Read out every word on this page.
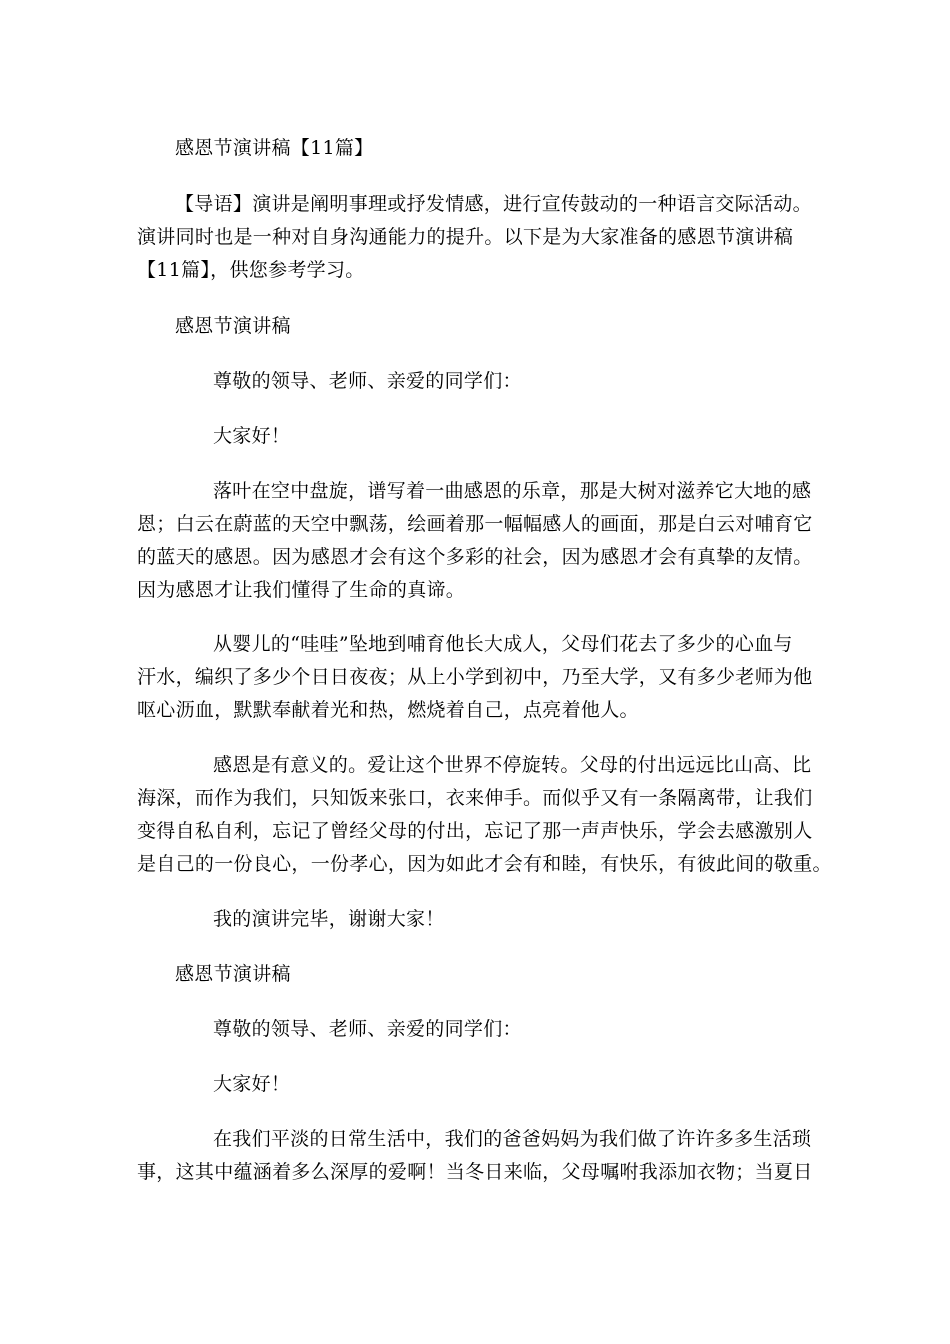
感恩节演讲稿【11篇】
【导语】演讲是阐明事理或抒发情感，进行宣传鼓动的一种语言交际活动。
演讲同时也是一种对自身沟通能力的提升。以下是为大家准备的感恩节演讲稿
【11篇】，供您参考学习。
感恩节演讲稿
尊敬的领导、老师、亲爱的同学们：
大家好！
落叶在空中盘旋，谱写着一曲感恩的乐章，那是大树对滋养它大地的感
恩；白云在蔚蓝的天空中飘荡，绘画着那一幅幅感人的画面，那是白云对哺育它
的蓝天的感恩。因为感恩才会有这个多彩的社会，因为感恩才会有真挚的友情。
因为感恩才让我们懂得了生命的真谛。
从婴儿的“哇哇”坠地到哺育他长大成人，父母们花去了多少的心血与
汗水，编织了多少个日日夜夜；从上小学到初中，乃至大学，又有多少老师为他
呕心沥血，默默奉献着光和热，燃烧着自己，点亮着他人。
感恩是有意义的。爱让这个世界不停旋转。父母的付出远远比山高、比
海深，而作为我们，只知饭来张口，衣来伸手。而似乎又有一条隔离带，让我们
变得自私自利，忘记了曾经父母的付出，忘记了那一声声快乐，学会去感激别人
是自己的一份良心，一份孝心，因为如此才会有和睦，有快乐，有彼此间的敬重。
我的演讲完毕，谢谢大家！
感恩节演讲稿
尊敬的领导、老师、亲爱的同学们：
大家好！
在我们平淡的日常生活中，我们的爸爸妈妈为我们做了许许多多生活琐
事，这其中蕴涵着多么深厚的爱啊！当冬日来临，父母嘱咐我添加衣物；当夏日
